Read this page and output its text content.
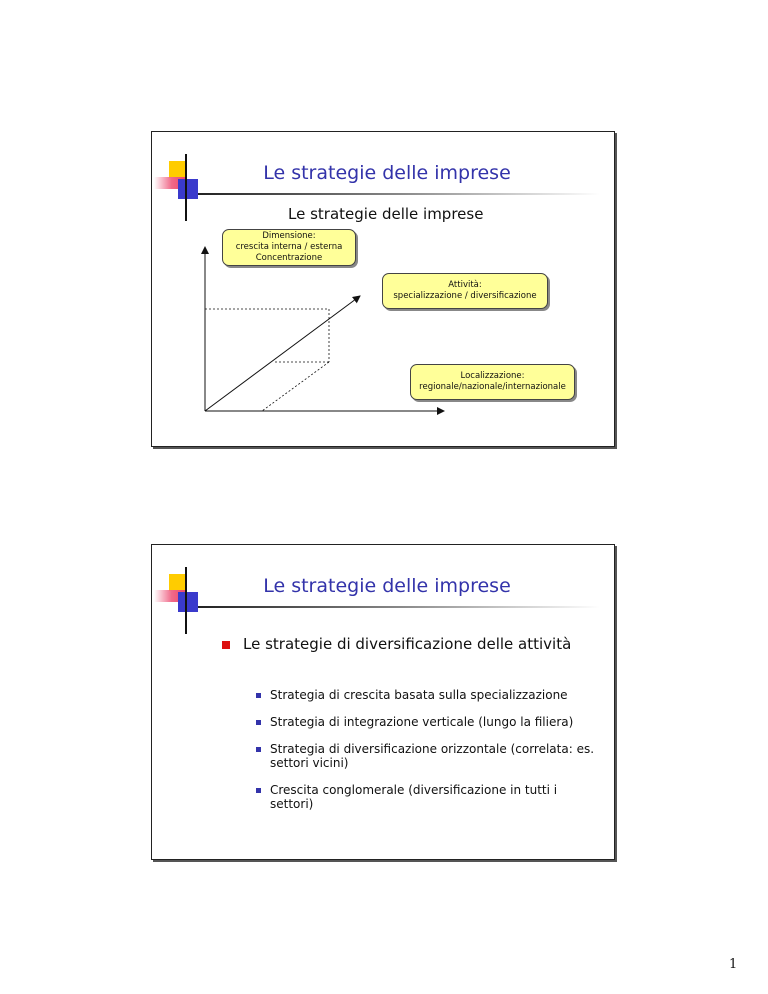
Le strategie delle imprese
Le strategie delle imprese
Dimensione:
crescita interna / esterna
Concentrazione
Attività:
specializzazione / diversificazione
Localizzazione:
regionale/nazionale/internazionale
Le strategie delle imprese
Le strategie di diversificazione delle attività
Strategia di crescita basata sulla specializzazione
Strategia di integrazione verticale (lungo la filiera)
Strategia di diversificazione orizzontale (correlata: es. settori vicini)
Crescita conglomerale (diversificazione in tutti i settori)
1
